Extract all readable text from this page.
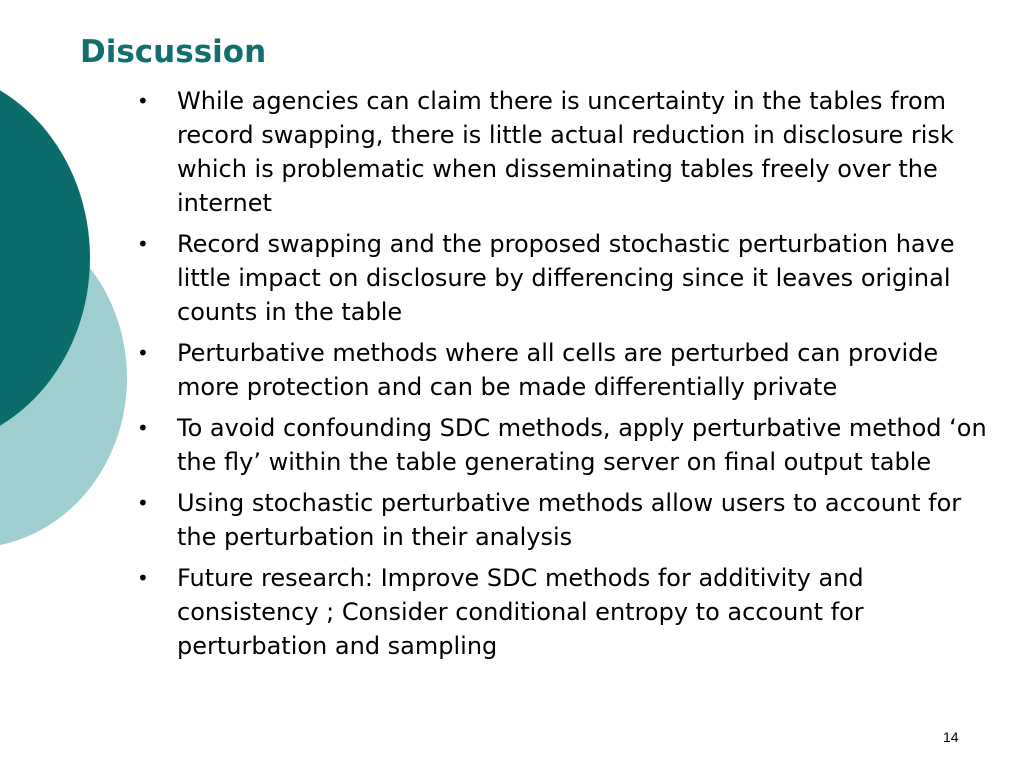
Discussion
•	While agencies can claim there is uncertainty in the tables from record swapping, there is little actual reduction in disclosure risk which is problematic when disseminating tables freely over the internet
•	Record swapping and the proposed stochastic perturbation have little impact on disclosure by differencing since it leaves original counts in the table
•	Perturbative methods where all cells are perturbed can provide more protection and can be made differentially private
•	To avoid confounding SDC methods, apply perturbative method ‘on the fly’ within the table generating server on final output table
•	Using stochastic perturbative methods allow users to account for the perturbation in their analysis
•	Future research: Improve SDC methods for additivity and consistency ; Consider conditional entropy to account for perturbation and sampling
14
